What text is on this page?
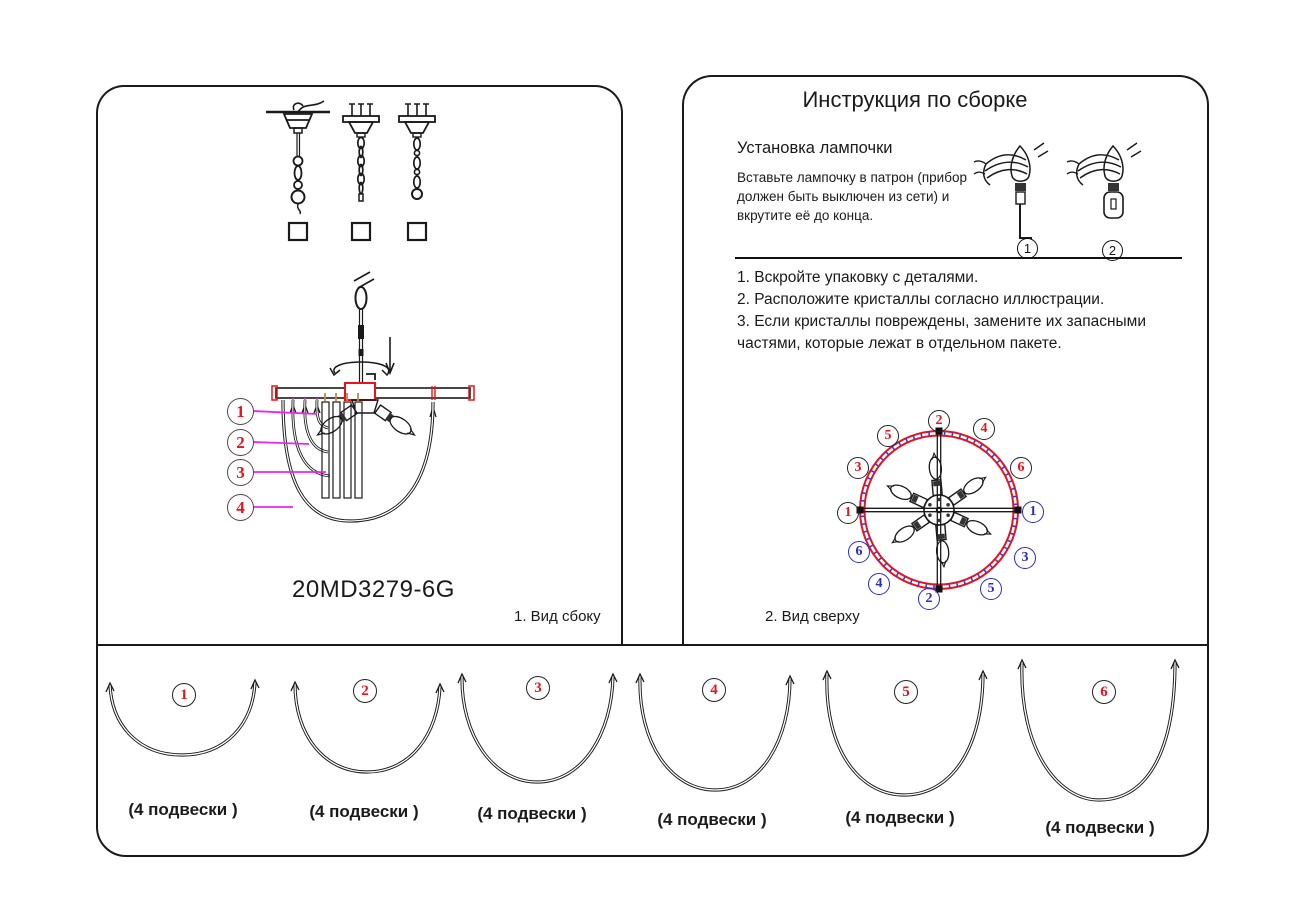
1
2
3
4
20MD3279-6G
1. Вид сбоку
Инструкция по сборке
Установка лампочки
Вставьте лампочку в патрон (прибор должен быть выключен из сети) и вкрутите её до конца.
1	2
1. Вскройте упаковку с деталями.
2. Расположите кристаллы согласно иллюстрации.
3. Если кристаллы повреждены, замените их запасными частями, которые лежат в отдельном пакете.
2
4
5
3	6
1	1
3
5
2
4
6
2. Вид сверху
1
(4 подвески )
2
(4 подвески )
3
(4 подвески )
4
(4 подвески )
5
(4 подвески )
6
(4 подвески )
